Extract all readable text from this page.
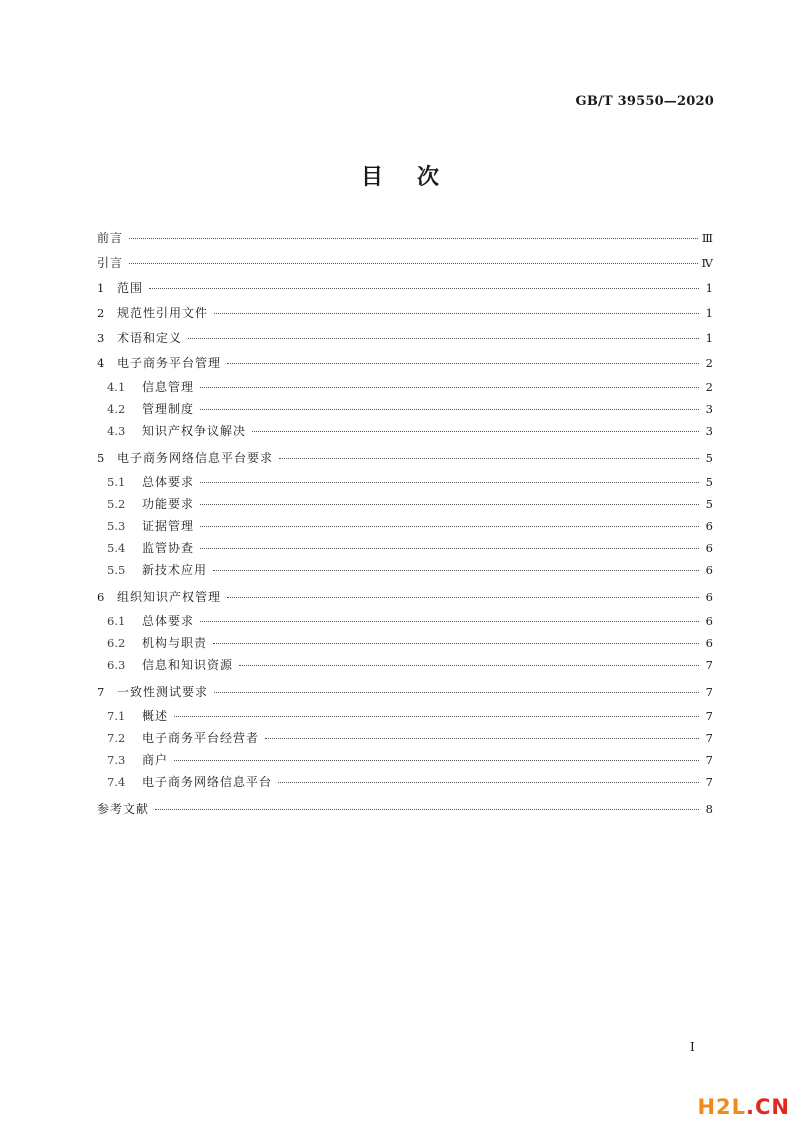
GB/T 39550—2020
目 次
前言	Ⅲ
引言	Ⅳ
1	范围	1
2	规范性引用文件	1
3	术语和定义	1
4	电子商务平台管理	2
4.1	信息管理	2
4.2	管理制度	3
4.3	知识产权争议解决	3
5	电子商务网络信息平台要求	5
5.1	总体要求	5
5.2	功能要求	5
5.3	证据管理	6
5.4	监管协查	6
5.5	新技术应用	6
6	组织知识产权管理	6
6.1	总体要求	6
6.2	机构与职责	6
6.3	信息和知识资源	7
7	一致性测试要求	7
7.1	概述	7
7.2	电子商务平台经营者	7
7.3	商户	7
7.4	电子商务网络信息平台	7
参考文献	8
I
H2L.CN
